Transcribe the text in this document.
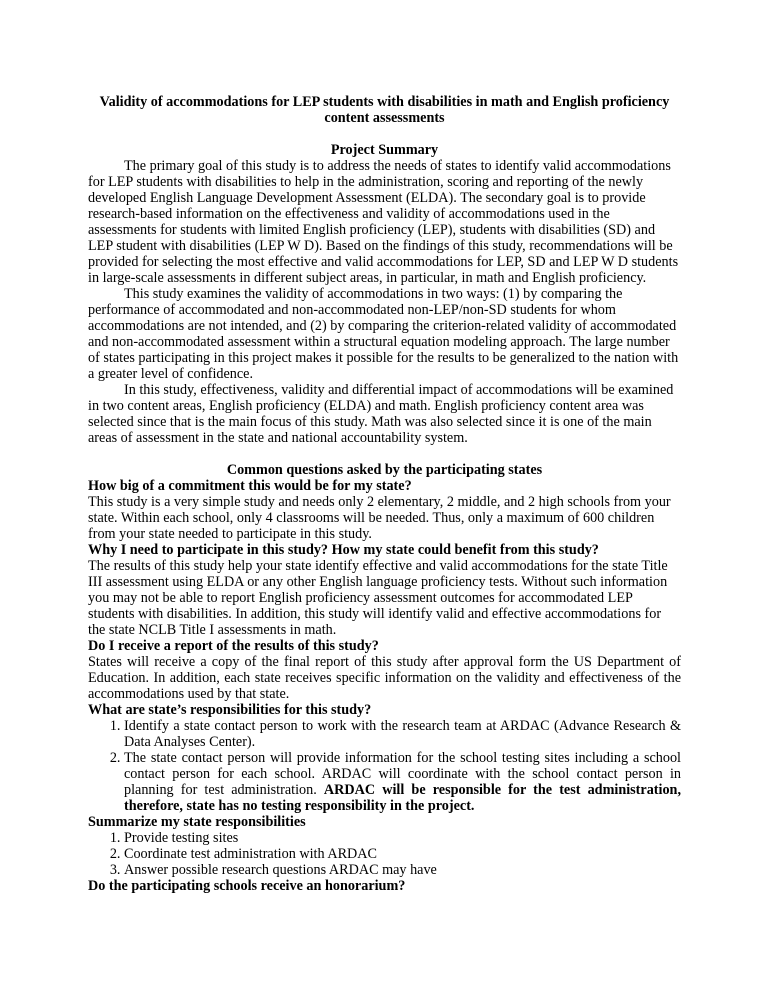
Validity of accommodations for LEP students with disabilities in math and English proficiency content assessments

Project Summary

The primary goal of this study is to address the needs of states to identify valid accommodations for LEP students with disabilities to help in the administration, scoring and reporting of the newly developed English Language Development Assessment (ELDA). The secondary goal is to provide research-based information on the effectiveness and validity of accommodations used in the assessments for students with limited English proficiency (LEP), students with disabilities (SD) and LEP student with disabilities (LEP W D). Based on the findings of this study, recommendations will be provided for selecting the most effective and valid accommodations for LEP, SD and LEP W D students in large-scale assessments in different subject areas, in particular, in math and English proficiency.

This study examines the validity of accommodations in two ways: (1) by comparing the performance of accommodated and non-accommodated non-LEP/non-SD students for whom accommodations are not intended, and (2) by comparing the criterion-related validity of accommodated and non-accommodated assessment within a structural equation modeling approach. The large number of states participating in this project makes it possible for the results to be generalized to the nation with a greater level of confidence.

In this study, effectiveness, validity and differential impact of accommodations will be examined in two content areas, English proficiency (ELDA) and math. English proficiency content area was selected since that is the main focus of this study. Math was also selected since it is one of the main areas of assessment in the state and national accountability system.

Common questions asked by the participating states

How big of a commitment this would be for my state?

This study is a very simple study and needs only 2 elementary, 2 middle, and 2 high schools from your state. Within each school, only 4 classrooms will be needed. Thus, only a maximum of 600 children from your state needed to participate in this study.

Why I need to participate in this study? How my state could benefit from this study?

The results of this study help your state identify effective and valid accommodations for the state Title III assessment using ELDA or any other English language proficiency tests. Without such information you may not be able to report English proficiency assessment outcomes for accommodated LEP students with disabilities. In addition, this study will identify valid and effective accommodations for the state NCLB Title I assessments in math.

Do I receive a report of the results of this study?

States will receive a copy of the final report of this study after approval form the US Department of Education. In addition, each state receives specific information on the validity and effectiveness of the accommodations used by that state.

What are state’s responsibilities for this study?

1. Identify a state contact person to work with the research team at ARDAC (Advance Research & Data Analyses Center).
2. The state contact person will provide information for the school testing sites including a school contact person for each school. ARDAC will coordinate with the school contact person in planning for test administration. ARDAC will be responsible for the test administration, therefore, state has no testing responsibility in the project.

Summarize my state responsibilities

1. Provide testing sites
2. Coordinate test administration with ARDAC
3. Answer possible research questions ARDAC may have

Do the participating schools receive an honorarium?
